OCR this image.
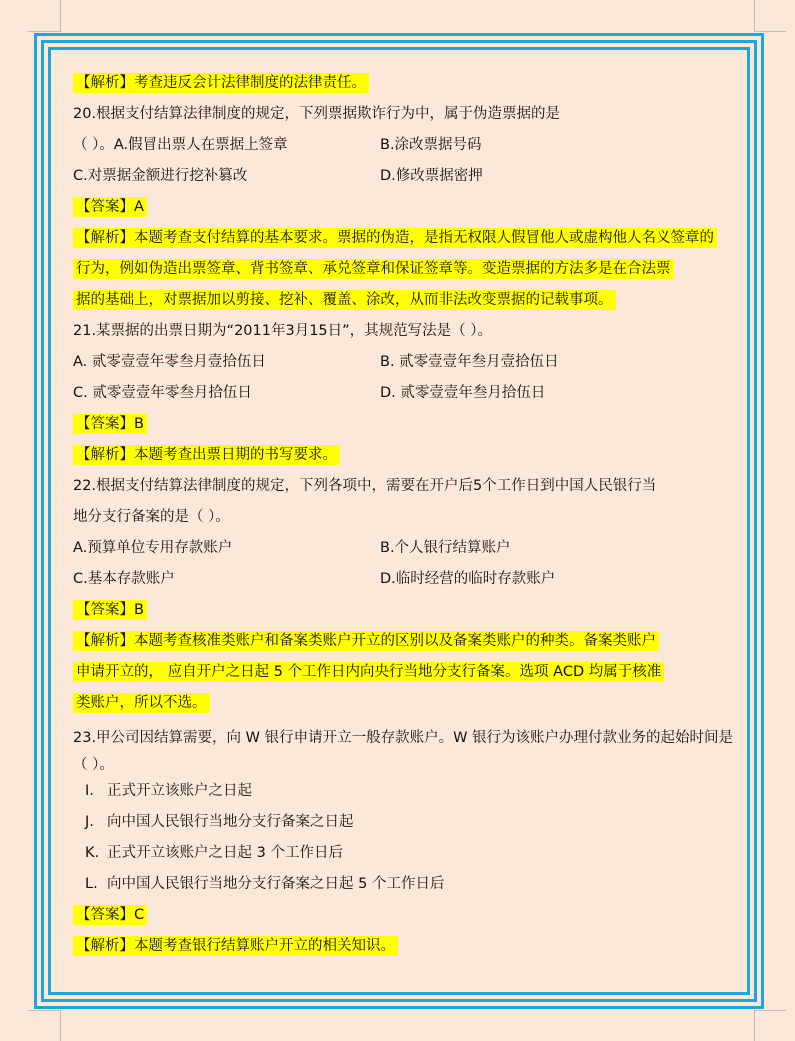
【解析】考查违反会计法律制度的法律责任。
20.根据支付结算法律制度的规定，下列票据欺诈行为中，属于伪造票据的是
（ ）。A.假冒出票人在票据上签章	B.涂改票据号码
C.对票据金额进行挖补篡改	D.修改票据密押
【答案】A
【解析】本题考查支付结算的基本要求。票据的伪造，是指无权限人假冒他人或虚构他人名义签章的
行为，例如伪造出票签章、背书签章、承兑签章和保证签章等。变造票据的方法多是在合法票
据的基础上，对票据加以剪接、挖补、覆盖、涂改，从而非法改变票据的记载事项。
21.某票据的出票日期为“2011年3月15日”，其规范写法是（ ）。
A. 贰零壹壹年零叁月壹拾伍日	B. 贰零壹壹年叁月壹拾伍日
C. 贰零壹壹年零叁月拾伍日	D. 贰零壹壹年叁月拾伍日
【答案】B
【解析】本题考查出票日期的书写要求。
22.根据支付结算法律制度的规定，下列各项中，需要在开户后5个工作日到中国人民银行当
地分支行备案的是（ ）。
A.预算单位专用存款账户	B.个人银行结算账户
C.基本存款账户	D.临时经营的临时存款账户
【答案】B
【解析】本题考查核准类账户和备案类账户开立的区别以及备案类账户的种类。备案类账户
申请开立的， 应自开户之日起 5 个工作日内向央行当地分支行备案。选项 ACD 均属于核准
类账户，所以不选。
23.甲公司因结算需要，向 W 银行申请开立一般存款账户。W 银行为该账户办理付款业务的起始时间是
（ ）。
I. 正式开立该账户之日起
J. 向中国人民银行当地分支行备案之日起
K. 正式开立该账户之日起 3 个工作日后
L. 向中国人民银行当地分支行备案之日起 5 个工作日后
【答案】C
【解析】本题考查银行结算账户开立的相关知识。
